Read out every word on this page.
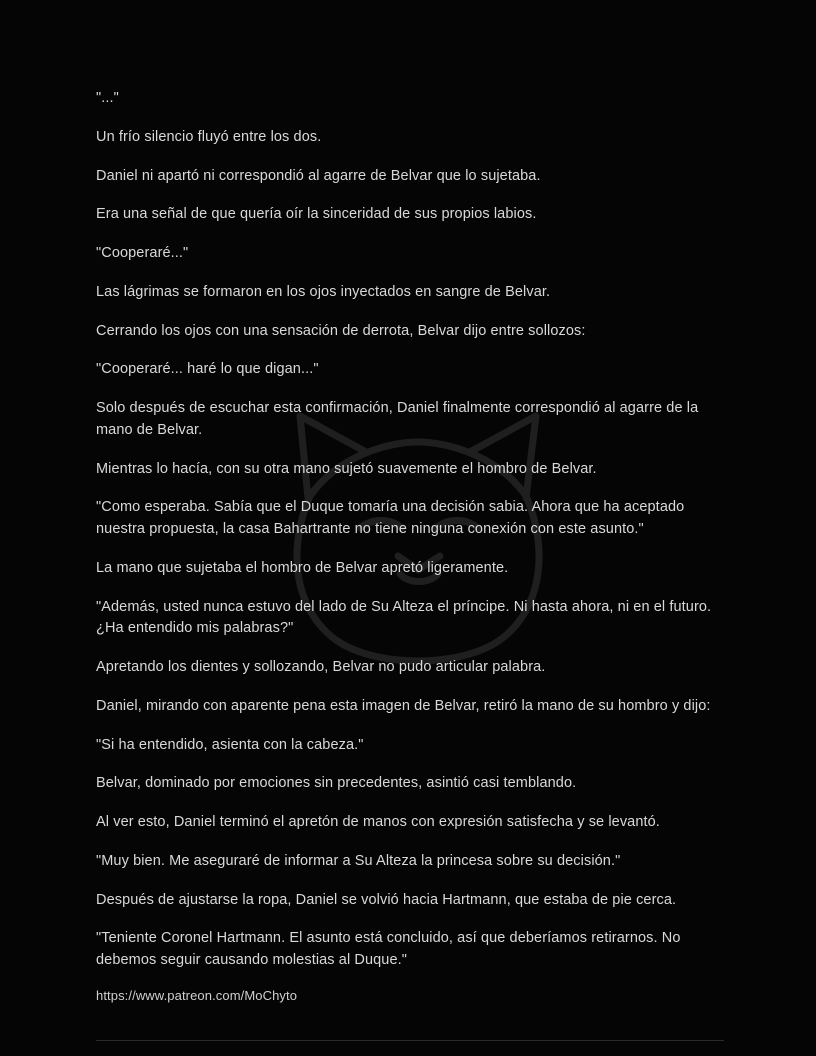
"..."

Un frío silencio fluyó entre los dos.

Daniel ni apartó ni correspondió al agarre de Belvar que lo sujetaba.

Era una señal de que quería oír la sinceridad de sus propios labios.

"Cooperaré..."

Las lágrimas se formaron en los ojos inyectados en sangre de Belvar.

Cerrando los ojos con una sensación de derrota, Belvar dijo entre sollozos:

"Cooperaré... haré lo que digan..."

Solo después de escuchar esta confirmación, Daniel finalmente correspondió al agarre de la mano de Belvar.

Mientras lo hacía, con su otra mano sujetó suavemente el hombro de Belvar.

"Como esperaba. Sabía que el Duque tomaría una decisión sabia. Ahora que ha aceptado nuestra propuesta, la casa Bahartrante no tiene ninguna conexión con este asunto."

La mano que sujetaba el hombro de Belvar apretó ligeramente.

"Además, usted nunca estuvo del lado de Su Alteza el príncipe. Ni hasta ahora, ni en el futuro. ¿Ha entendido mis palabras?"

Apretando los dientes y sollozando, Belvar no pudo articular palabra.

Daniel, mirando con aparente pena esta imagen de Belvar, retiró la mano de su hombro y dijo:

"Si ha entendido, asienta con la cabeza."

Belvar, dominado por emociones sin precedentes, asintió casi temblando.

Al ver esto, Daniel terminó el apretón de manos con expresión satisfecha y se levantó.

"Muy bien. Me aseguraré de informar a Su Alteza la princesa sobre su decisión."

Después de ajustarse la ropa, Daniel se volvió hacia Hartmann, que estaba de pie cerca.

"Teniente Coronel Hartmann. El asunto está concluido, así que deberíamos retirarnos. No debemos seguir causando molestias al Duque."

https://www.patreon.com/MoChyto
